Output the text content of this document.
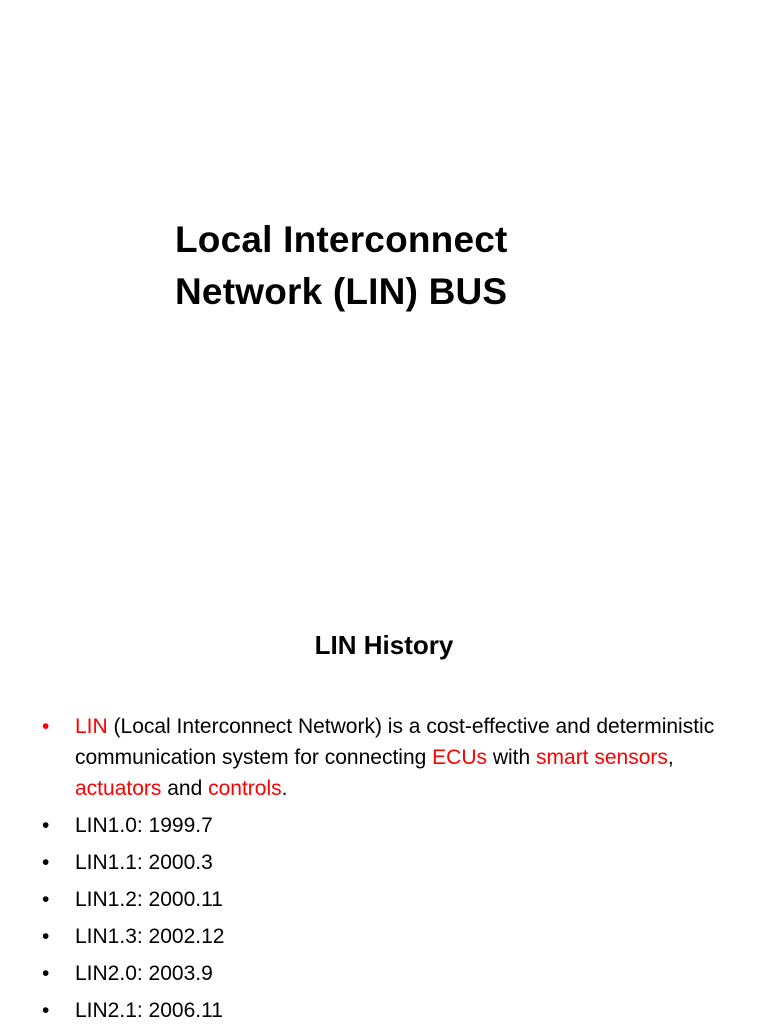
Local Interconnect
Network (LIN) BUS
LIN History
•	LIN (Local Interconnect Network) is a cost-effective and deterministic communication system for connecting ECUs with smart sensors, actuators and controls.
•	LIN1.0: 1999.7
•	LIN1.1: 2000.3
•	LIN1.2: 2000.11
•	LIN1.3: 2002.12
•	LIN2.0: 2003.9
•	LIN2.1: 2006.11
